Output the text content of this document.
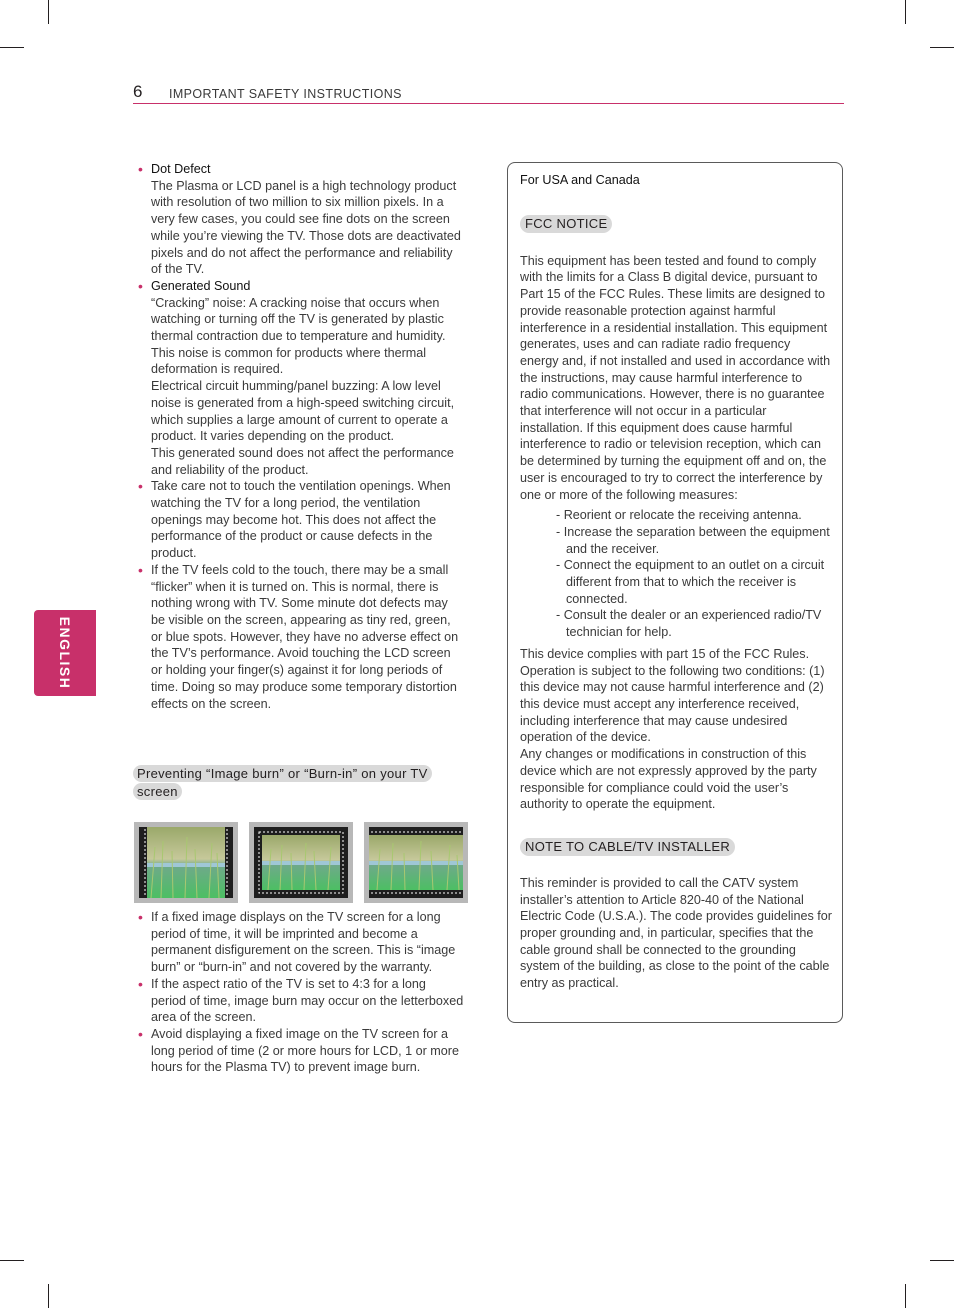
6 IMPORTANT SAFETY INSTRUCTIONS
ENGLISH
• Dot Defect
The Plasma or LCD panel is a high technology product with resolution of two million to six million pixels. In a very few cases, you could see fine dots on the screen while you’re viewing the TV. Those dots are deactivated pixels and do not affect the performance and reliability of the TV.
• Generated Sound
“Cracking” noise: A cracking noise that occurs when watching or turning off the TV is generated by plastic thermal contraction due to temperature and humidity. This noise is common for products where thermal deformation is required.
Electrical circuit humming/panel buzzing: A low level noise is generated from a high-speed switching circuit, which supplies a large amount of current to operate a product. It varies depending on the product.
This generated sound does not affect the performance and reliability of the product.
• Take care not to touch the ventilation openings. When watching the TV for a long period, the ventilation openings may become hot. This does not affect the performance of the product or cause defects in the product.
• If the TV feels cold to the touch, there may be a small “flicker” when it is turned on. This is normal, there is nothing wrong with TV. Some minute dot defects may be visible on the screen, appearing as tiny red, green, or blue spots. However, they have no adverse effect on the TV’s performance. Avoid touching the LCD screen or holding your finger(s) against it for long periods of time. Doing so may produce some temporary distortion effects on the screen.
Preventing “Image burn” or “Burn-in” on your TV screen
• If a fixed image displays on the TV screen for a long period of time, it will be imprinted and become a permanent disfigurement on the screen. This is “image burn” or “burn-in” and not covered by the warranty.
• If the aspect ratio of the TV is set to 4:3 for a long period of time, image burn may occur on the letterboxed area of the screen.
• Avoid displaying a fixed image on the TV screen for a long period of time (2 or more hours for LCD, 1 or more hours for the Plasma TV) to prevent image burn.
For USA and Canada
FCC NOTICE
This equipment has been tested and found to comply with the limits for a Class B digital device, pursuant to Part 15 of the FCC Rules. These limits are designed to provide reasonable protection against harmful interference in a residential installation. This equipment generates, uses and can radiate radio frequency energy and, if not installed and used in accordance with the instructions, may cause harmful interference to radio communications. However, there is no guarantee that interference will not occur in a particular installation. If this equipment does cause harmful interference to radio or television reception, which can be determined by turning the equipment off and on, the user is encouraged to try to correct the interference by one or more of the following measures:
- Reorient or relocate the receiving antenna.
- Increase the separation between the equipment and the receiver.
- Connect the equipment to an outlet on a circuit different from that to which the receiver is connected.
- Consult the dealer or an experienced radio/TV technician for help.
This device complies with part 15 of the FCC Rules. Operation is subject to the following two conditions: (1) this device may not cause harmful interference and (2) this device must accept any interference received, including interference that may cause undesired operation of the device.
Any changes or modifications in construction of this device which are not expressly approved by the party responsible for compliance could void the user’s authority to operate the equipment.
NOTE TO CABLE/TV INSTALLER
This reminder is provided to call the CATV system installer’s attention to Article 820-40 of the National Electric Code (U.S.A.). The code provides guidelines for proper grounding and, in particular, specifies that the cable ground shall be connected to the grounding system of the building, as close to the point of the cable entry as practical.
